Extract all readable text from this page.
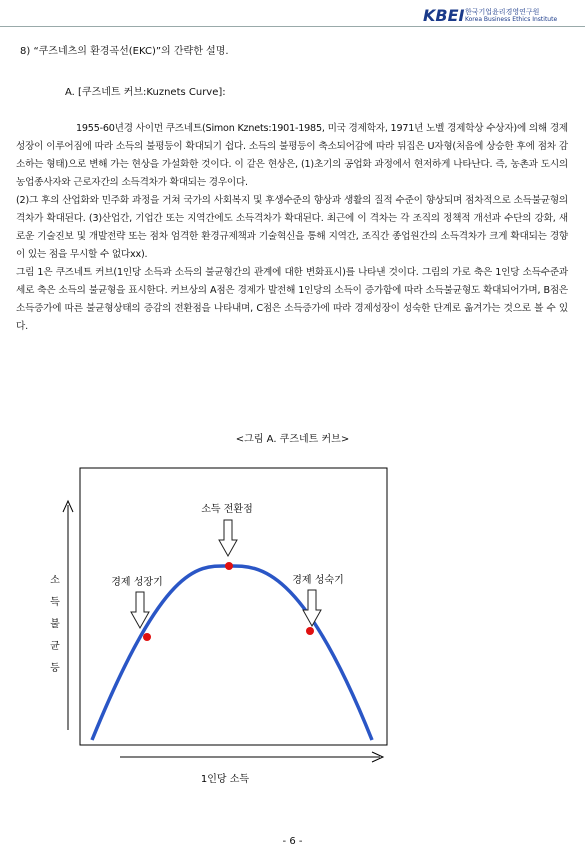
KBEI 한국기업윤리경영연구원
Korea Business Ethics Institute
8) “쿠즈네츠의 환경곡선(EKC)”의 간략한 설명.
A. [쿠즈네트 커브:Kuznets Curve]:

1955-60년경 사이먼 쿠즈네트(Simon Kznets:1901-1985, 미국 경제학자, 1971년 노벨 경제학상 수상자)에 의해 경제성장이 이루어짐에 따라 소득의 불평등이 확대되기 쉽다. 소득의 불평등이 축소되어감에 따라 뒤집은 U자형(처음에 상승한 후에 점차 감소하는 형태)으로 변해 가는 현상을 가설화한 것이다. 이 같은 현상은, (1)초기의 공업화 과정에서 현저하게 나타난다. 즉, 농촌과 도시의 농업종사자와 근로자간의 소득격차가 확대되는 경우이다.

(2)그 후의 산업화와 민주화 과정을 거쳐 국가의 사회복지 및 후생수준의 향상과 생활의 질적 수준이 향상되며 점차적으로 소득불균형의 격차가 확대된다. (3)산업간, 기업간 또는 지역간에도 소득격차가 확대된다. 최근에 이 격차는 각 조직의 정책적 개선과 수단의 강화, 새로운 기술진보 및 개발전략 또는 점차 엄격한 환경규제책과 기술혁신을 통해 지역간, 조직간 종업원간의 소득격차가 크게 확대되는 경향이 있는 점을 무시할 수 없다xx).

그림 1은 쿠즈네트 커브(1인당 소득과 소득의 불균형간의 관계에 대한 변화표시)를 나타낸 것이다. 그림의 가로 축은 1인당 소득수준과 세로 축은 소득의 불균형을 표시한다. 커브상의 A점은 경제가 발전해 1인당의 소득이 증가함에 따라 소득불균형도 확대되어가며, B점은 소득증가에 따른 불균형상태의 증감의 전환점을 나타내며, C점은 소득증가에 따라 경제성장이 성숙한 단계로 옮겨가는 것으로 볼 수 있다.

<그림 A. 쿠즈네트 커브>
소
득
불
균
등
1인당 소득
소득 전환점
경제 성장기	경제 성숙기
- 6 -
